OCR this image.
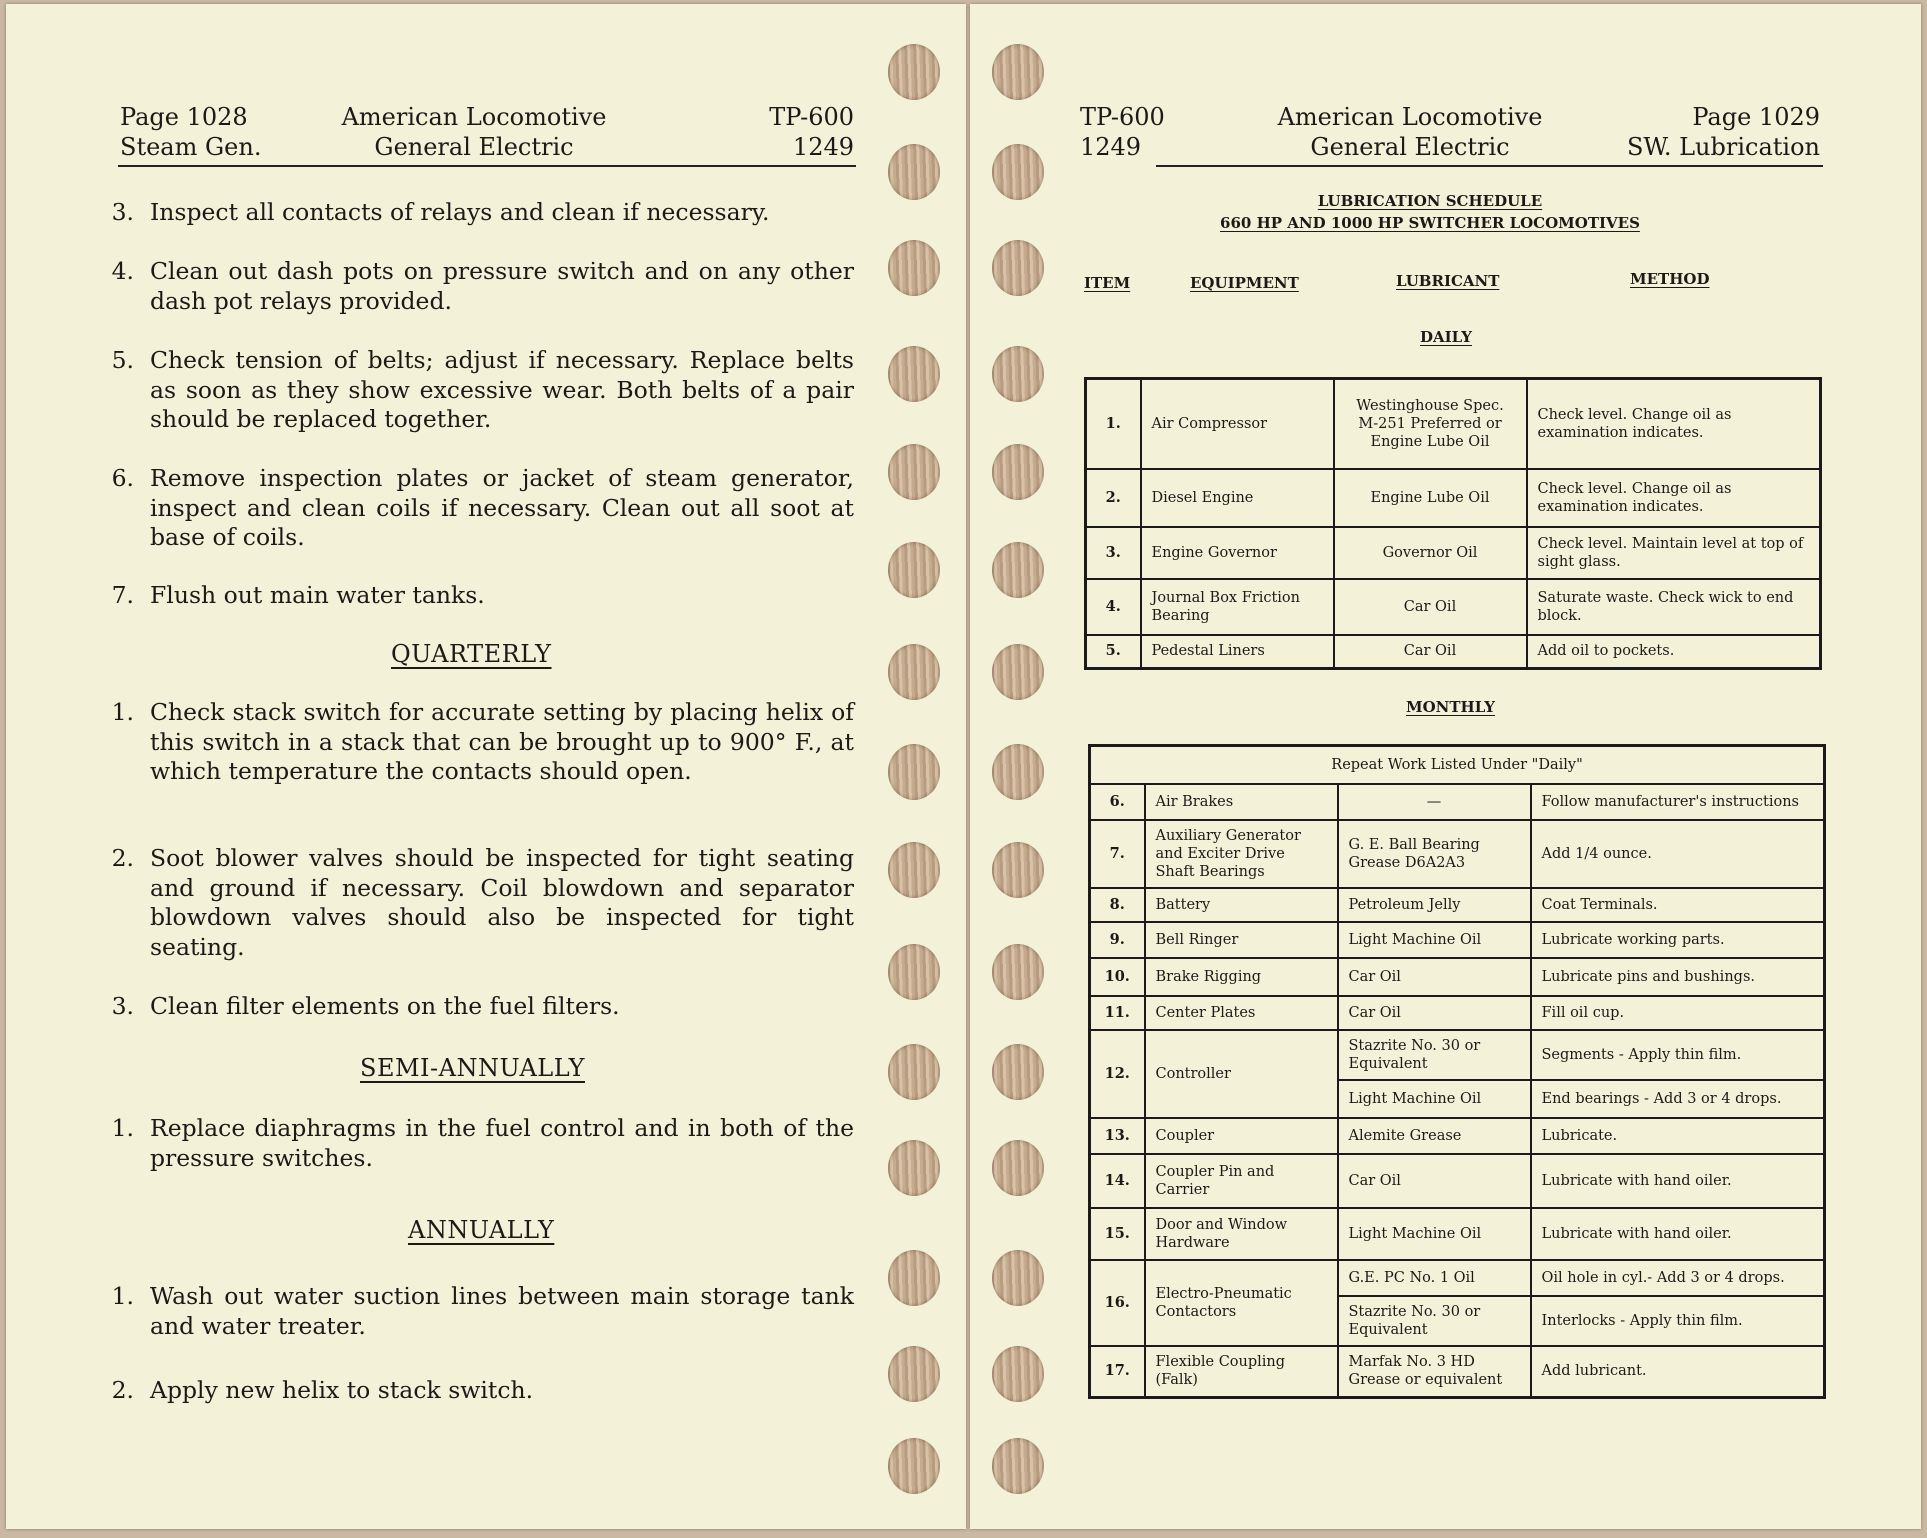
Page 1028
Steam Gen.
American Locomotive
General Electric
TP-600
1249
3. Inspect all contacts of relays and clean if necessary.
4. Clean out dash pots on pressure switch and on any other dash pot relays provided.
5. Check tension of belts; adjust if necessary. Replace belts as soon as they show excessive wear. Both belts of a pair should be replaced together.
6. Remove inspection plates or jacket of steam generator, inspect and clean coils if necessary. Clean out all soot at base of coils.
7. Flush out main water tanks.
QUARTERLY
1. Check stack switch for accurate setting by placing helix of this switch in a stack that can be brought up to 900° F., at which temperature the contacts should open.
2. Soot blower valves should be inspected for tight seating and ground if necessary. Coil blowdown and separator blowdown valves should also be inspected for tight seating.
3. Clean filter elements on the fuel filters.
SEMI-ANNUALLY
1. Replace diaphragms in the fuel control and in both of the pressure switches.
ANNUALLY
1. Wash out water suction lines between main storage tank and water treater.
2. Apply new helix to stack switch.
TP-600
1249
American Locomotive
General Electric
Page 1029
SW. Lubrication
LUBRICATION SCHEDULE
660 HP AND 1000 HP SWITCHER LOCOMOTIVES
ITEM	EQUIPMENT	LUBRICANT	METHOD
DAILY
1.	Air Compressor	Westinghouse Spec. M-251 Preferred or Engine Lube Oil	Check level. Change oil as examination indicates.
2.	Diesel Engine	Engine Lube Oil	Check level. Change oil as examination indicates.
3.	Engine Governor	Governor Oil	Check level. Maintain level at top of sight glass.
4.	Journal Box Friction Bearing	Car Oil	Saturate waste. Check wick to end block.
5.	Pedestal Liners	Car Oil	Add oil to pockets.
MONTHLY
Repeat Work Listed Under "Daily"			
6.	Air Brakes	—	Follow manufacturer's instructions
7.	Auxiliary Generator and Exciter Drive Shaft Bearings	G. E. Ball Bearing Grease D6A2A3	Add 1/4 ounce.
8.	Battery	Petroleum Jelly	Coat Terminals.
9.	Bell Ringer	Light Machine Oil	Lubricate working parts.
10.	Brake Rigging	Car Oil	Lubricate pins and bushings.
11.	Center Plates	Car Oil	Fill oil cup.
12.	Controller	Stazrite No. 30 or Equivalent	Segments - Apply thin film.
		Light Machine Oil	End bearings - Add 3 or 4 drops.
13.	Coupler	Alemite Grease	Lubricate.
14.	Coupler Pin and Carrier	Car Oil	Lubricate with hand oiler.
15.	Door and Window Hardware	Light Machine Oil	Lubricate with hand oiler.
16.	Electro-Pneumatic Contactors	G.E. PC No. 1 Oil	Oil hole in cyl.- Add 3 or 4 drops.
		Stazrite No. 30 or Equivalent	Interlocks - Apply thin film.
17.	Flexible Coupling (Falk)	Marfak No. 3 HD Grease or equivalent	Add lubricant.
